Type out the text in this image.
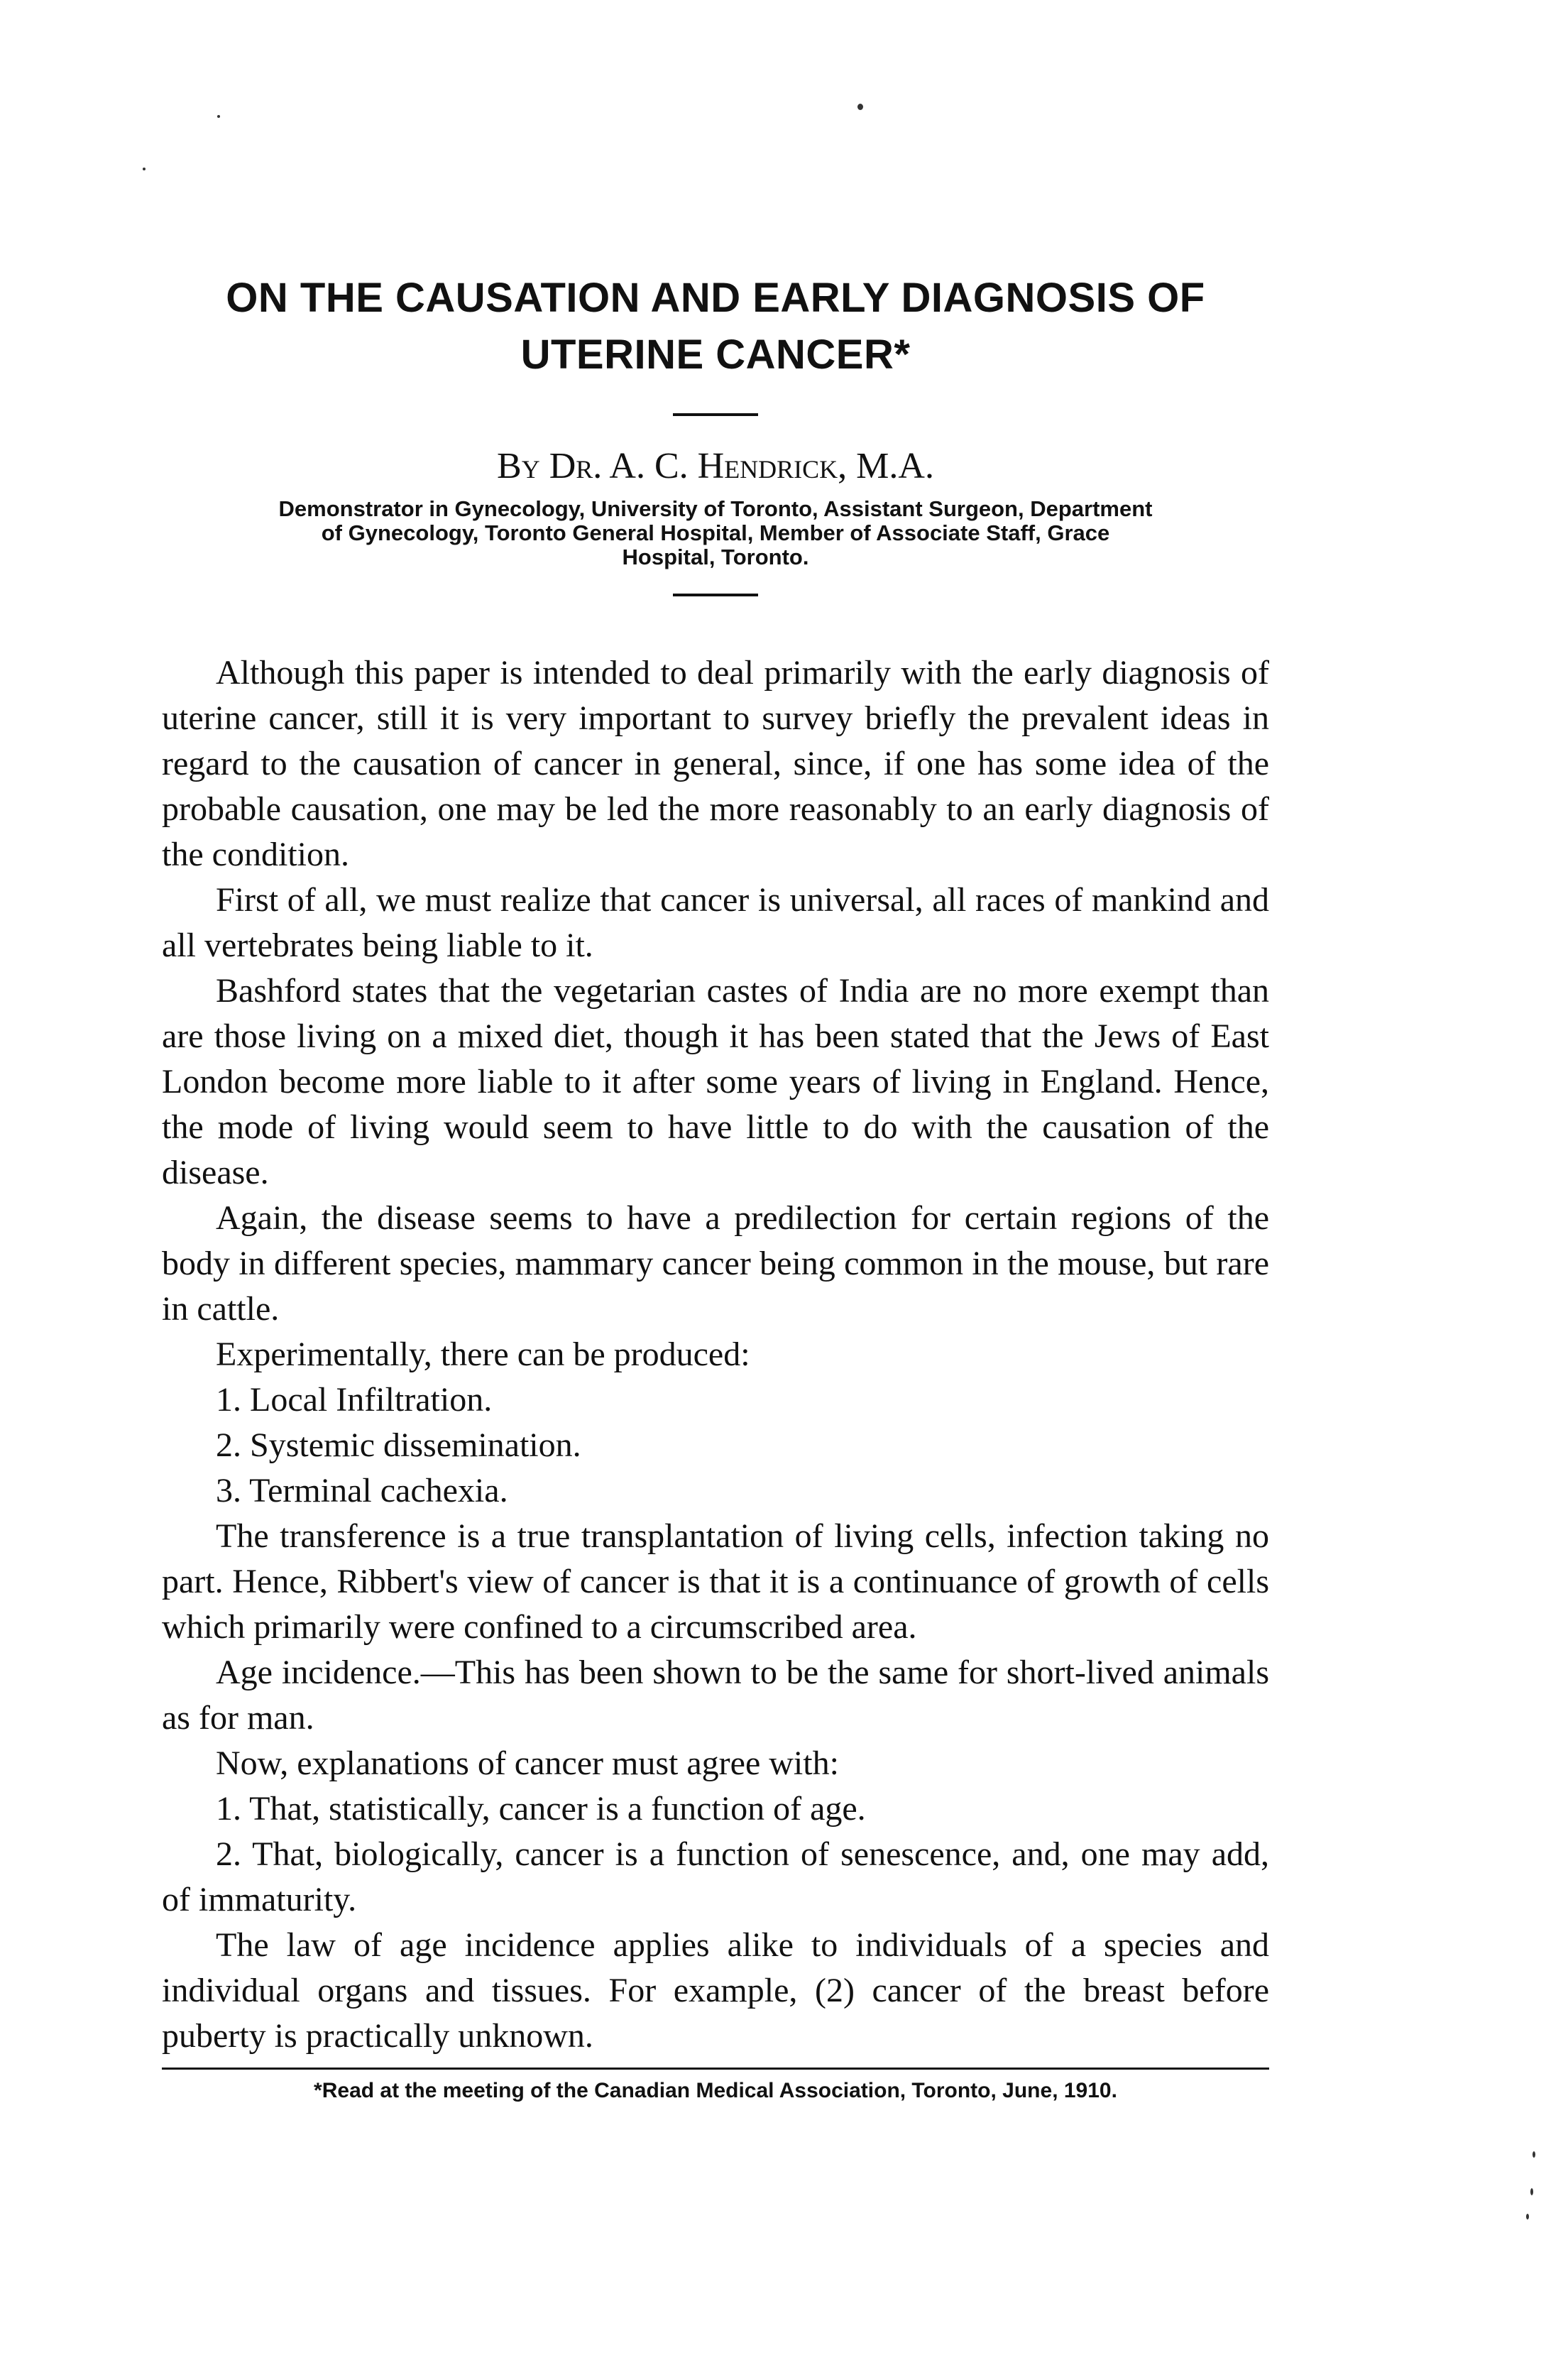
ON THE CAUSATION AND EARLY DIAGNOSIS OF
UTERINE CANCER*

By Dr. A. C. Hendrick, M.A.

Demonstrator in Gynecology, University of Toronto, Assistant Surgeon, Department
of Gynecology, Toronto General Hospital, Member of Associate Staff, Grace
Hospital, Toronto.

Although this paper is intended to deal primarily with the early diagnosis of uterine cancer, still it is very important to survey briefly the prevalent ideas in regard to the causation of cancer in general, since, if one has some idea of the probable causation, one may be led the more reasonably to an early diagnosis of the condition.

First of all, we must realize that cancer is universal, all races of mankind and all vertebrates being liable to it.

Bashford states that the vegetarian castes of India are no more exempt than are those living on a mixed diet, though it has been stated that the Jews of East London become more liable to it after some years of living in England. Hence, the mode of living would seem to have little to do with the causation of the disease.

Again, the disease seems to have a predilection for certain regions of the body in different species, mammary cancer being common in the mouse, but rare in cattle.

Experimentally, there can be produced:

1. Local Infiltration.

2. Systemic dissemination.

3. Terminal cachexia.

The transference is a true transplantation of living cells, infection taking no part. Hence, Ribbert's view of cancer is that it is a continuance of growth of cells which primarily were confined to a circumscribed area.

Age incidence.—This has been shown to be the same for short-lived animals as for man.

Now, explanations of cancer must agree with:

1. That, statistically, cancer is a function of age.

2. That, biologically, cancer is a function of senescence, and, one may add, of immaturity.

The law of age incidence applies alike to individuals of a species and individual organs and tissues. For example, (2) cancer of the breast before puberty is practically unknown.

*Read at the meeting of the Canadian Medical Association, Toronto, June, 1910.
